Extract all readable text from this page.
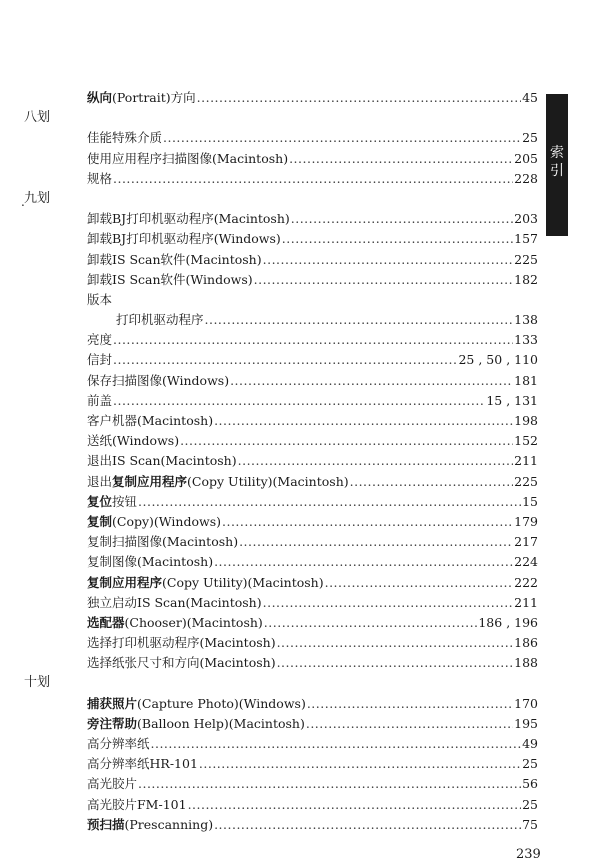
索引
纵向(Portrait)方向 .....	45
八划
佳能特殊介质 .....	25
使用应用程序扫描图像(Macintosh) .....	205
规格 .....	228
. 九划
卸载BJ打印机驱动程序(Macintosh) .....	203
卸载BJ打印机驱动程序(Windows) .....	157
卸载IS Scan软件(Macintosh) .....	225
卸载IS Scan软件(Windows) .....	182
版本
打印机驱动程序 .....	138
亮度 .....	133
信封 .....	25 , 50 , 110
保存扫描图像(Windows) .....	181
前盖 .....	15 , 131
客户机器(Macintosh) .....	198
送纸(Windows) .....	152
退出IS Scan(Macintosh) .....	211
退出复制应用程序(Copy Utility)(Macintosh) .....	225
复位按钮 .....	15
复制(Copy)(Windows) .....	179
复制扫描图像(Macintosh) .....	217
复制图像(Macintosh) .....	224
复制应用程序(Copy Utility)(Macintosh) .....	222
独立启动IS Scan(Macintosh) .....	211
选配器(Chooser)(Macintosh) .....	186 , 196
选择打印机驱动程序(Macintosh) .....	186
选择纸张尺寸和方向(Macintosh) .....	188
十划
捕获照片(Capture Photo)(Windows) .....	170
旁注帮助(Balloon Help)(Macintosh) .....	195
高分辨率纸 .....	49
高分辨率纸HR-101 .....	25
高光胶片 .....	56
高光胶片FM-101 .....	25
预扫描(Prescanning) .....	75
239
